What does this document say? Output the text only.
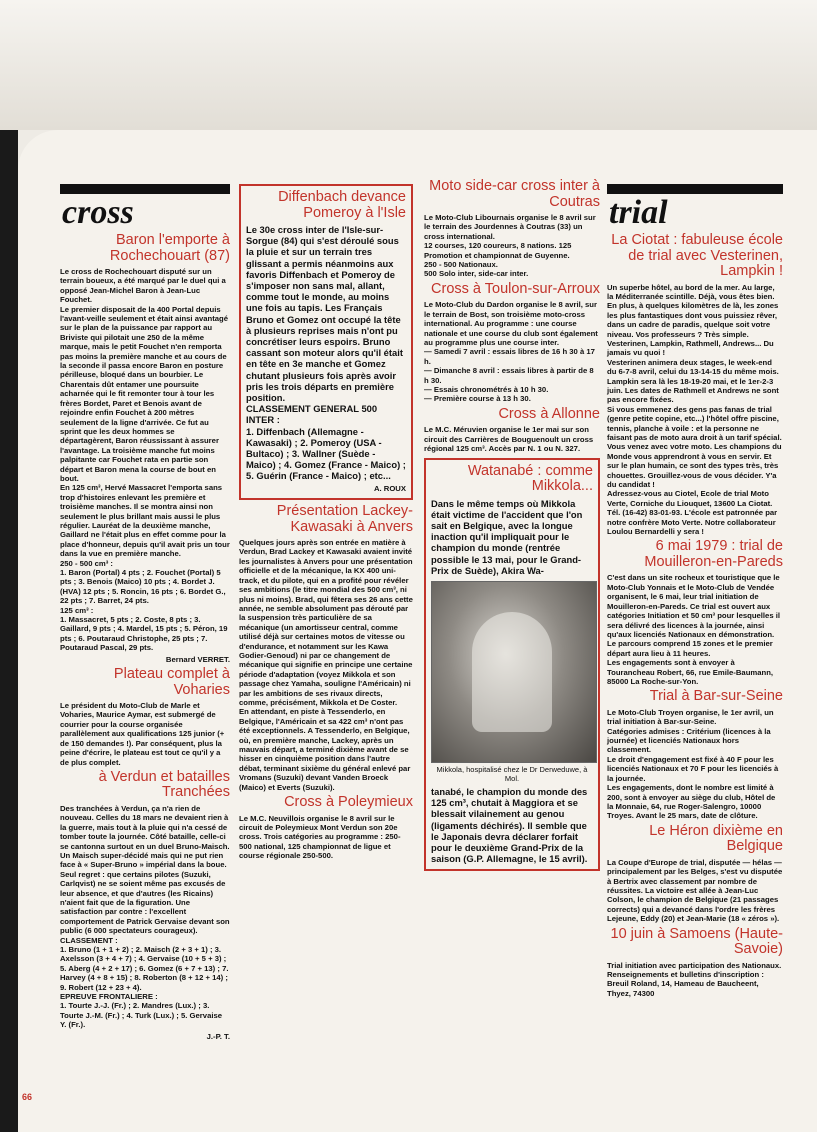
cross
Baron l'emporte à Rochechouart (87)

Le cross de Rochechouart disputé sur un terrain boueux, a été marqué par le duel qui a opposé Jean-Michel Baron à Jean-Luc Fouchet.

Le premier disposait de la 400 Portal depuis l'avant-veille seulement et était ainsi avantagé sur le plan de la puissance par rapport au Briviste qui pilotait une 250 de la même marque, mais le petit Fouchet n'en remporta pas moins la première manche et au cours de la seconde il passa encore Baron en posture périlleuse, bloqué dans un bourbier. Le Charentais dût entamer une poursuite acharnée qui le fit remonter tour à tour les frères Bordet, Paret et Benois avant de rejoindre enfin Fouchet à 200 mètres seulement de la ligne d'arrivée. Ce fut au sprint que les deux hommes se départagèrent, Baron réussissant à assurer l'avantage. La troisième manche fut moins palpitante car Fouchet rata en partie son départ et Baron mena la course de bout en bout.

En 125 cm³, Hervé Massacret l'emporta sans trop d'histoires enlevant les première et troisième manches. Il se montra ainsi non seulement le plus brillant mais aussi le plus régulier. Lauréat de la deuxième manche, Gaillard ne l'était plus en effet comme pour la place d'honneur, depuis qu'il avait pris un tour dans la vue en première manche.

250 - 500 cm³ :

1. Baron (Portal) 4 pts ; 2. Fouchet (Portal) 5 pts ; 3. Benois (Maico) 10 pts ; 4. Bordet J. (HVA) 12 pts ; 5. Roncin, 16 pts ; 6. Bordet G., 22 pts ; 7. Barret, 24 pts.

125 cm³ :

1. Massacret, 5 pts ; 2. Coste, 8 pts ; 3. Gaillard, 9 pts ; 4. Mardel, 15 pts ; 5. Péron, 19 pts ; 6. Poutaraud Christophe, 25 pts ; 7. Poutaraud Pascal, 29 pts.

Bernard VERRET.
Plateau complet à Voharies

Le président du Moto-Club de Marle et Voharies, Maurice Aymar, est submergé de courrier pour la course organisée parallèlement aux qualifications 125 junior (+ de 150 demandes !). Par conséquent, plus la peine d'écrire, le plateau est tout ce qu'il y a de plus complet.

à Verdun et batailles Tranchées

Des tranchées à Verdun, ça n'a rien de nouveau. Celles du 18 mars ne devaient rien à la guerre, mais tout à la pluie qui n'a cessé de tomber toute la journée. Côté bataille, celle-ci se cantonna surtout en un duel Bruno-Maisch. Un Maisch super-décidé mais qui ne put rien face à « Super-Bruno » impérial dans la boue. Seul regret : que certains pilotes (Suzuki, Carlqvist) ne se soient même pas excusés de leur absence, et que d'autres (les Ricains) n'aient fait que de la figuration. Une satisfaction par contre : l'excellent comportement de Patrick Gervaise devant son public (6 000 spectateurs courageux).

CLASSEMENT :

1. Bruno (1 + 1 + 2) ; 2. Maisch (2 + 3 + 1) ; 3. Axelsson (3 + 4 + 7) ; 4. Gervaise (10 + 5 + 3) ; 5. Aberg (4 + 2 + 17) ; 6. Gomez (6 + 7 + 13) ; 7. Harvey (4 + 8 + 15) ; 8. Roberton (8 + 12 + 14) ; 9. Robert (12 + 23 + 4).

EPREUVE FRONTALIERE :

1. Tourte J.-J. (Fr.) ; 2. Mandres (Lux.) ; 3. Tourte J.-M. (Fr.) ; 4. Turk (Lux.) ; 5. Gervaise Y. (Fr.).

J.-P. T.
Diffenbach devance Pomeroy à l'Isle

Le 30e cross inter de l'Isle-sur-Sorgue (84) qui s'est déroulé sous la pluie et sur un terrain tres glissant a permis néanmoins aux favoris Diffenbach et Pomeroy de s'imposer non sans mal, allant, comme tout le monde, au moins une fois au tapis. Les Français Bruno et Gomez ont occupé la tête à plusieurs reprises mais n'ont pu concrétiser leurs espoirs. Bruno cassant son moteur alors qu'il était en tête en 3e manche et Gomez chutant plusieurs fois après avoir pris les trois départs en première position.

CLASSEMENT GENERAL 500 INTER :

1. Diffenbach (Allemagne - Kawasaki) ; 2. Pomeroy (USA - Bultaco) ; 3. Wallner (Suède - Maico) ; 4. Gomez (France - Maico) ; 5. Guérin (France - Maico) ; etc...

A. ROUX
Présentation Lackey-Kawasaki à Anvers

Quelques jours après son entrée en matière à Verdun, Brad Lackey et Kawasaki avaient invité les journalistes à Anvers pour une présentation officielle et de la mécanique, la KX 400 uni-track, et du pilote, qui en a profité pour révéler ses ambitions (le titre mondial des 500 cm³, ni plus ni moins). Brad, qui fêtera ses 26 ans cette année, ne semble absolument pas dérouté par la suspension très particulière de sa mécanique (un amortisseur central, comme utilisé déjà sur certaines motos de vitesse ou d'endurance, et notamment sur les Kawa Godier-Genoud) ni par ce changement de mécanique qui signifie en principe une certaine période d'adaptation (voyez Mikkola et son passage chez Yamaha, souligne l'Américain) ni par les ambitions de ses rivaux directs, comme, précisément, Mikkola et De Coster.

En attendant, en piste à Tessenderlo, en Belgique, l'Américain et sa 422 cm³ n'ont pas été exceptionnels. A Tessenderlo, en Belgique, où, en première manche, Lackey, après un mauvais départ, a terminé dixième avant de se hisser en cinquième position dans l'autre débat, terminant sixième du général enlevé par Vromans (Suzuki) devant Vanden Broeck (Maico) et Everts (Suzuki).

Cross à Poleymieux

Le M.C. Neuvillois organise le 8 avril sur le circuit de Poleymieux Mont Verdun son 20e cross. Trois catégories au programme : 250-500 national, 125 championnat de ligue et course régionale 250-500.

Moto side-car cross inter à Coutras

Le Moto-Club Libournais organise le 8 avril sur le terrain des Jourdennes à Coutras (33) un cross international.

12 courses, 120 coureurs, 8 nations. 125 Promotion et championnat de Guyenne.

250 - 500 Nationaux.

500 Solo inter, side-car inter.

Cross à Toulon-sur-Arroux

Le Moto-Club du Dardon organise le 8 avril, sur le terrain de Bost, son troisième moto-cross international. Au programme : une course nationale et une course du club sont également au programme plus une course inter.

— Samedi 7 avril : essais libres de 16 h 30 à 17 h.

— Dimanche 8 avril : essais libres à partir de 8 h 30.

— Essais chronométrés à 10 h 30.

— Première course à 13 h 30.

Cross à Allonne

Le M.C. Méruvien organise le 1er mai sur son circuit des Carrières de Bouguenoult un cross régional 125 cm³. Accès par N. 1 ou N. 327.

Watanabé : comme Mikkola...

Dans le même temps où Mikkola était victime de l'accident que l'on sait en Belgique, avec la longue inaction qu'il impliquait pour le champion du monde (rentrée possible le 13 mai, pour le Grand-Prix de Suède), Akira Wa-

Mikkola, hospitalisé chez le Dr Derweduwe, à Mol.

tanabé, le champion du monde des 125 cm³, chutait à Maggiora et se blessait vilainement au genou (ligaments déchirés). Il semble que le Japonais devra déclarer forfait pour le deuxième Grand-Prix de la saison (G.P. Allemagne, le 15 avril).

trial
La Ciotat : fabuleuse école de trial avec Vesterinen, Lampkin !

Un superbe hôtel, au bord de la mer. Au large, la Méditerranée scintille. Déjà, vous êtes bien.

En plus, à quelques kilomètres de là, les zones les plus fantastiques dont vous puissiez rêver, dans un cadre de paradis, quelque soit votre niveau. Vos professeurs ? Très simple. Vesterinen, Lampkin, Rathmell, Andrews... Du jamais vu quoi !

Vesterinen animera deux stages, le week-end du 6-7-8 avril, celui du 13-14-15 du même mois. Lampkin sera là les 18-19-20 mai, et le 1er-2-3 juin. Les dates de Rathmell et Andrews ne sont pas encore fixées.

Si vous emmenez des gens pas fanas de trial (genre petite copine, etc...) l'hôtel offre piscine, tennis, planche à voile : et la personne ne faisant pas de moto aura droit à un tarif spécial.

Vous venez avec votre moto. Les champions du Monde vous apprendront à vous en servir. Et sur le plan humain, ce sont des types très, très chouettes. Grouillez-vous de vous décider. Y'a du candidat !

Adressez-vous au Ciotel, Ecole de trial Moto Verte, Corniche du Liouquet, 13600 La Ciotat. Tél. (16-42) 83-01-93. L'école est patronnée par notre confrère Moto Verte. Notre collaborateur Loulou Bernardelli y sera !

6 mai 1979 : trial de Mouilleron-en-Pareds

C'est dans un site rocheux et touristique que le Moto-Club Yonnais et le Moto-Club de Vendée organisent, le 6 mai, leur trial initiation de Mouilleron-en-Pareds. Ce trial est ouvert aux catégories Initiation et 50 cm³ pour lesquelles il sera délivré des licences à la journée, ainsi qu'aux licenciés Nationaux en démonstration. Le parcours comprend 15 zones et le premier départ aura lieu à 11 heures.

Les engagements sont à envoyer à Tourancheau Robert, 66, rue Emile-Baumann, 85000 La Roche-sur-Yon.

Trial à Bar-sur-Seine

Le Moto-Club Troyen organise, le 1er avril, un trial initiation à Bar-sur-Seine.

Catégories admises : Critérium (licences à la journée) et licenciés Nationaux hors classement.

Le droit d'engagement est fixé à 40 F pour les licenciés Nationaux et 70 F pour les licenciés à la journée.

Les engagements, dont le nombre est limité à 200, sont à envoyer au siège du club, Hôtel de la Monnaie, 64, rue Roger-Salengro, 10000 Troyes. Avant le 25 mars, date de clôture.

Le Héron dixième en Belgique

La Coupe d'Europe de trial, disputée — hélas — principalement par les Belges, s'est vu disputée à Bertrix avec classement par nombre de réussites. La victoire est allée à Jean-Luc Colson, le champion de Belgique (21 passages corrects) qui a devancé dans l'ordre les frères Lejeune, Eddy (20) et Jean-Marie (18 « zéros »).

10 juin à Samoens (Haute-Savoie)

Trial initiation avec participation des Nationaux. Renseignements et bulletins d'inscription : Breuil Roland, 14, Hameau de Baucheent, Thyez, 74300

66
